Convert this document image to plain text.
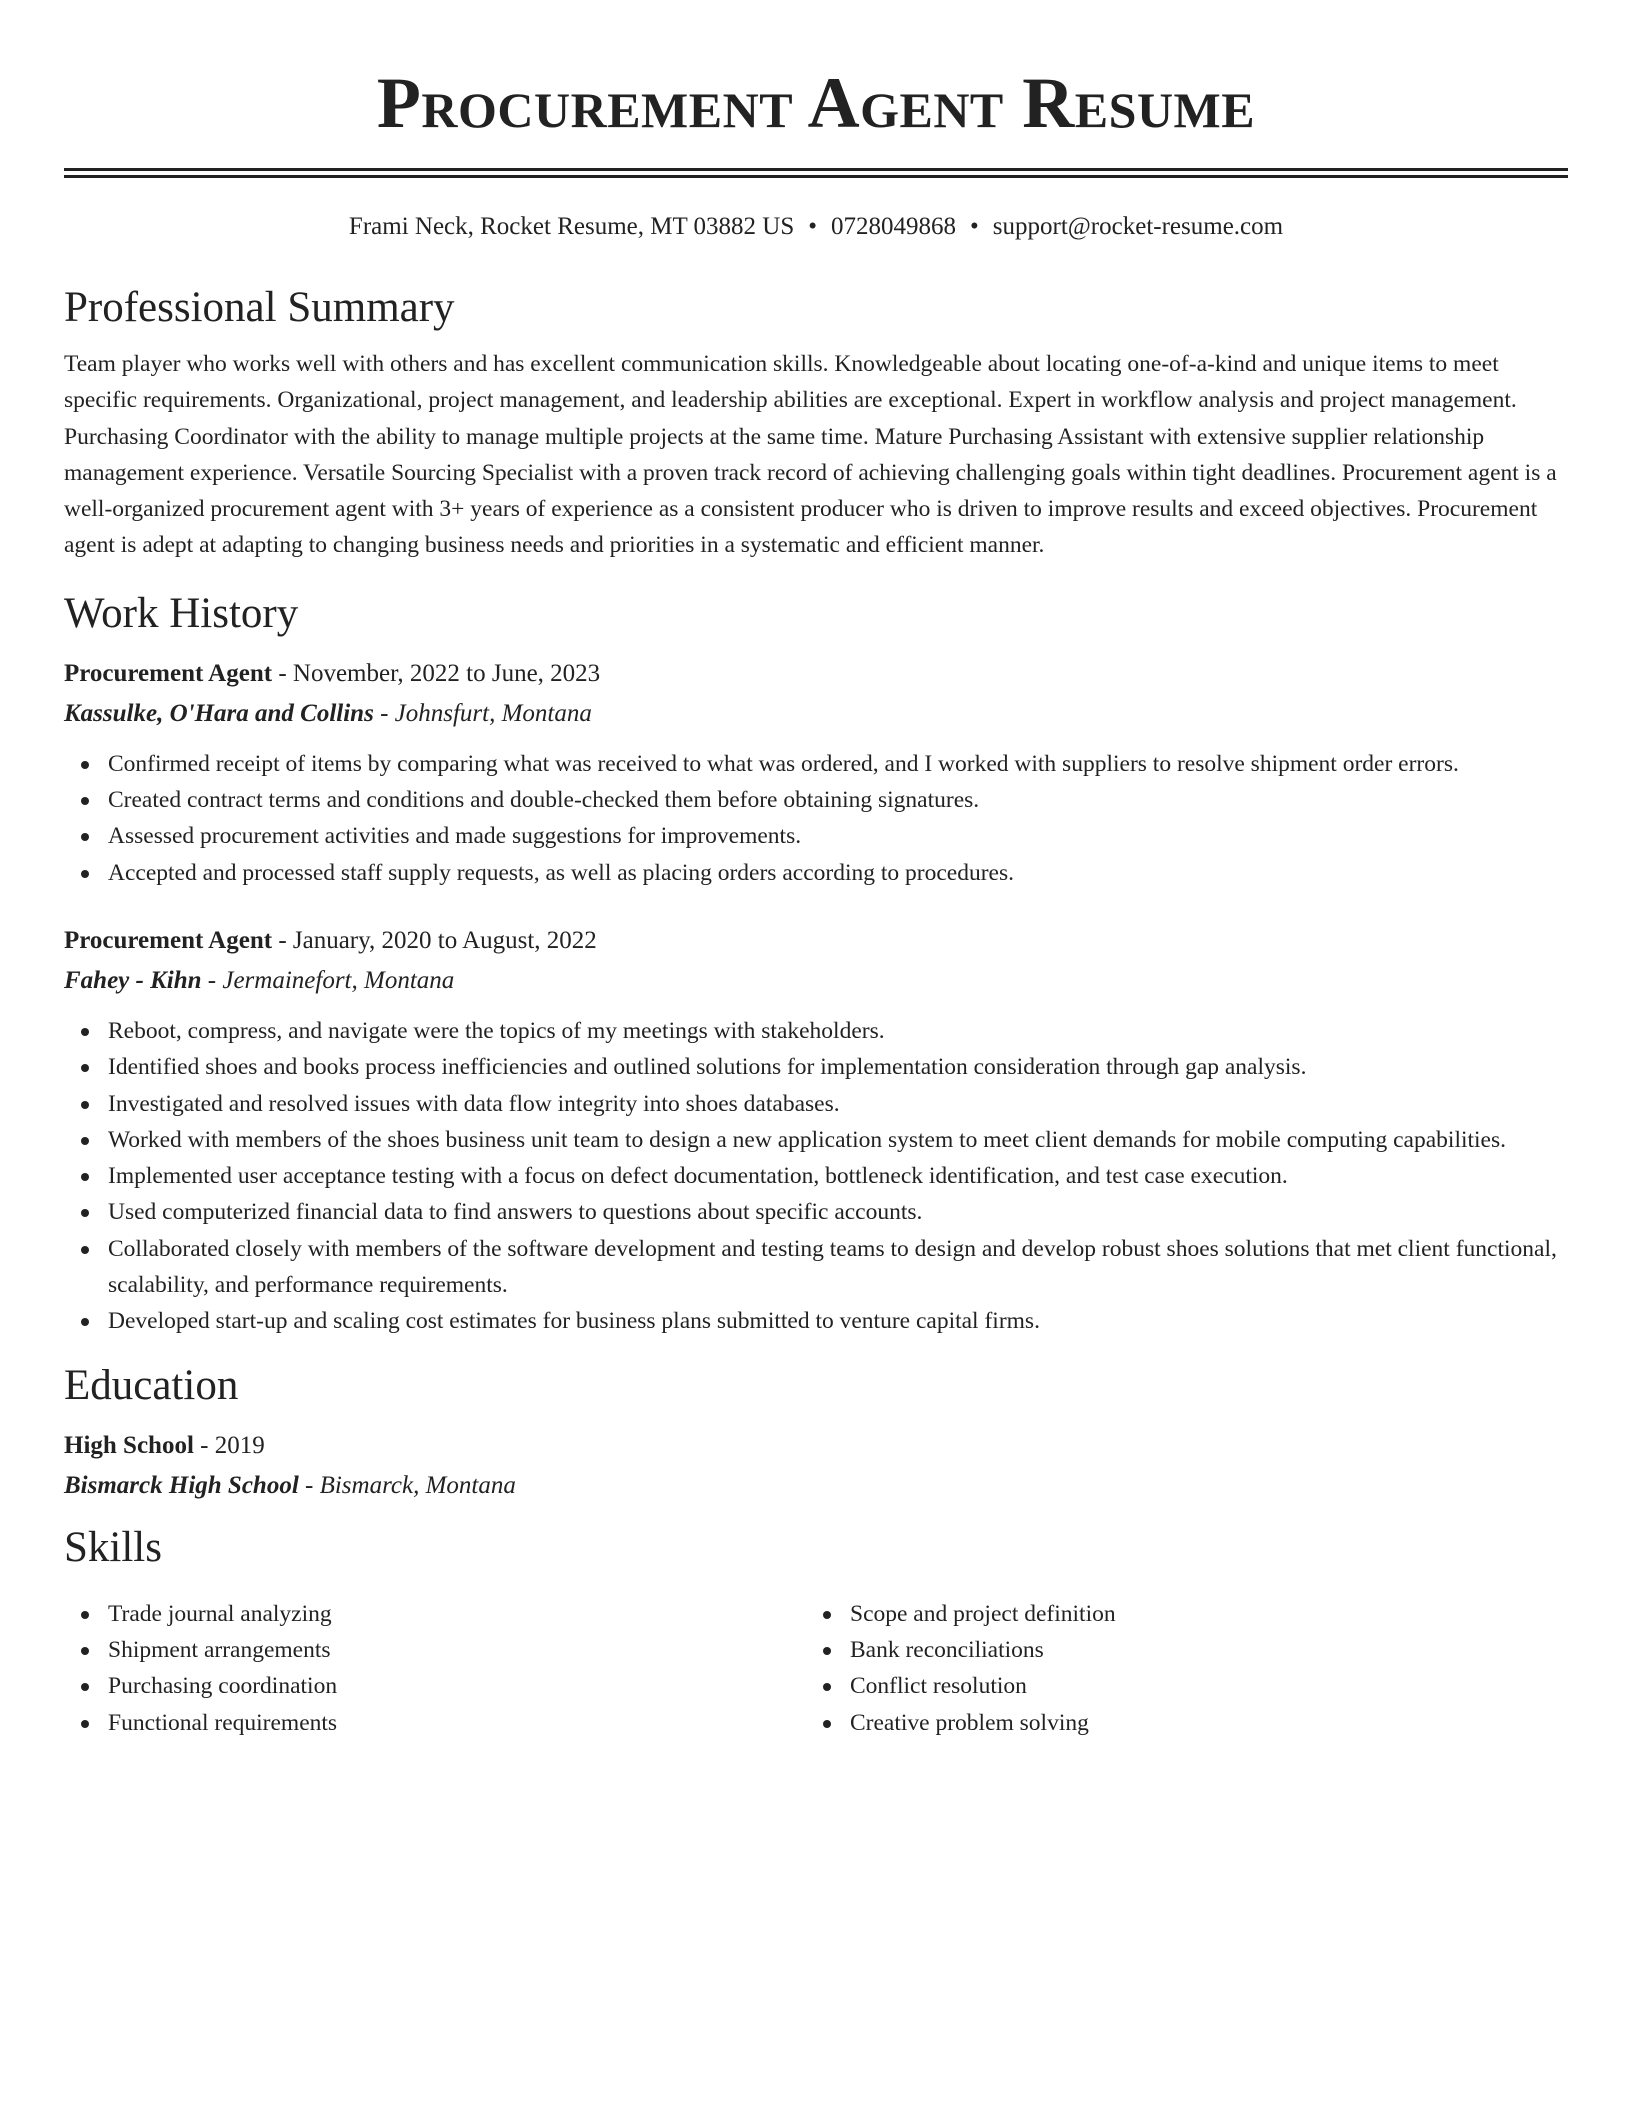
Procurement Agent Resume
Frami Neck, Rocket Resume, MT 03882 US • 0728049868 • support@rocket-resume.com
Professional Summary

Team player who works well with others and has excellent communication skills. Knowledgeable about locating one-of-a-kind and unique items to meet specific requirements. Organizational, project management, and leadership abilities are exceptional. Expert in workflow analysis and project management. Purchasing Coordinator with the ability to manage multiple projects at the same time. Mature Purchasing Assistant with extensive supplier relationship management experience. Versatile Sourcing Specialist with a proven track record of achieving challenging goals within tight deadlines. Procurement agent is a well-organized procurement agent with 3+ years of experience as a consistent producer who is driven to improve results and exceed objectives. Procurement agent is adept at adapting to changing business needs and priorities in a systematic and efficient manner.

Work History
Procurement Agent - November, 2022 to June, 2023
Kassulke, O'Hara and Collins - Johnsfurt, Montana
Confirmed receipt of items by comparing what was received to what was ordered, and I worked with suppliers to resolve shipment order errors.
Created contract terms and conditions and double-checked them before obtaining signatures.
Assessed procurement activities and made suggestions for improvements.
Accepted and processed staff supply requests, as well as placing orders according to procedures.
Procurement Agent - January, 2020 to August, 2022
Fahey - Kihn - Jermainefort, Montana
Reboot, compress, and navigate were the topics of my meetings with stakeholders.
Identified shoes and books process inefficiencies and outlined solutions for implementation consideration through gap analysis.
Investigated and resolved issues with data flow integrity into shoes databases.
Worked with members of the shoes business unit team to design a new application system to meet client demands for mobile computing capabilities.
Implemented user acceptance testing with a focus on defect documentation, bottleneck identification, and test case execution.
Used computerized financial data to find answers to questions about specific accounts.
Collaborated closely with members of the software development and testing teams to design and develop robust shoes solutions that met client functional, scalability, and performance requirements.
Developed start-up and scaling cost estimates for business plans submitted to venture capital firms.
Education
High School - 2019
Bismarck High School - Bismarck, Montana
Skills
Trade journal analyzing
Shipment arrangements
Purchasing coordination
Functional requirements
Scope and project definition
Bank reconciliations
Conflict resolution
Creative problem solving
